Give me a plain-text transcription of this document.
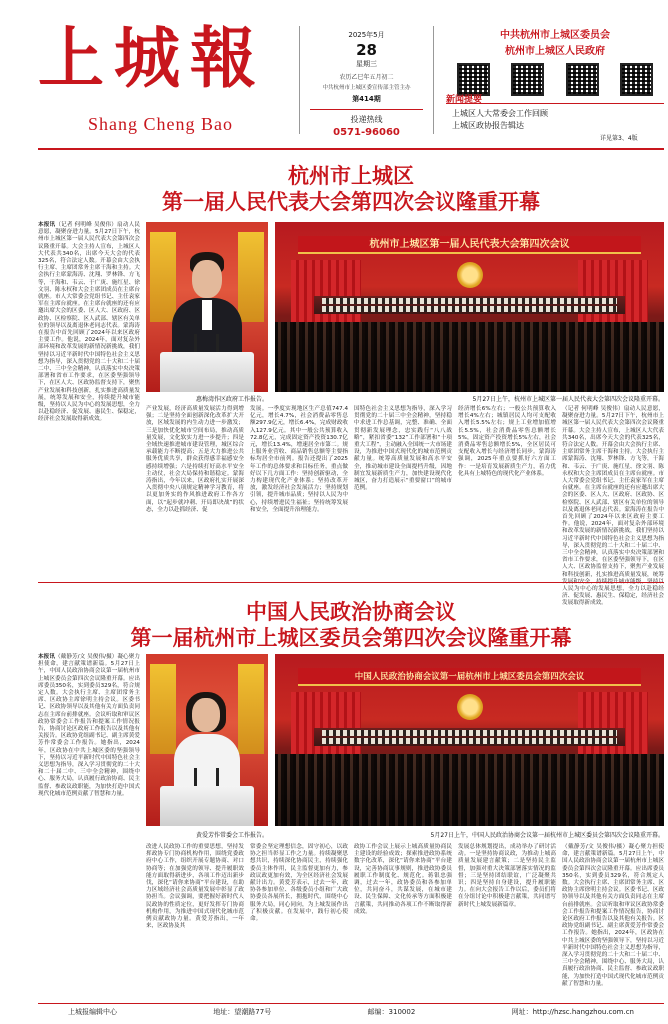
上城報
Shang Cheng Bao
2025年5月
28
星期三
农历乙巳年五月初二
中共杭州市上城区委宣传部主管主办
第414期
投递热线
0571-96060
中共杭州市上城区委员会
杭州市上城区人民政府
新闻提要
上城区人大常委会工作回顾
上城区政协报告辑达
详见第3、4版
杭州市上城区
第一届人民代表大会第四次会议隆重开幕
本报讯（记者 何明峰 吴俊伟）扇动人民意愿，凝聚奋进力量。5月27日下午，杭州市上城区第一届人民代表大会第四次会议隆重开幕。大会主持人宣布，上城区人大代表共340名，出席今天大会的代表325名，符合法定人数。开幕会由大会执行主席、主席团常务主席干海和主持。大会执行主席蒙海涛、沈翔、罗林锋、方飞等，干海和、韦云、于广庚、施红星、徐文羽、陈永权和大会主席团成员在主席台就座。市人大常委会党组书记、主任袁家军在主席台就座。在主席台就座的还有应邀出席大会的区委、区人大、区政府、区政协、区检察院、区人武部、辖区有关单位的领导以及离退休老同志代表。蒙海涛在报告中首先回顾了2024年以来区政府主要工作。他说，2024年，面对复杂外部环境和改革发展的新情况新挑战，我们坚持以习近平新时代中国特色社会主义思想为指导，深入贯彻党的二十大和二十届二中、三中全会精神，认真落实中央决策部署和省市工作要求，在区委坚强领导下，在区人大、区政协监督支持下，聚焦产业发展和科技创新，扎实推进高质量发展，统筹发展和安全，持续提升城市能级，坚持以人民为中心的发展思想，全力以赴稳经济、促发展、惠民生、保稳定，经济社会发展取得新成效。
惠梅湾作区政府工作报告。
杭州市上城区第一届人民代表大会第四次会议
5月27日上午，杭州市上城区第一届人民代表大会第四次会议隆重开幕。
产业发展，经济高质量发展活力得到增强；二是坚持全面创新深化改革扩大开放，区域发展的内生动力进一步激发；三是加快优化城市空间布局，推动高质量发展，文化软实力进一步提升；四是全域快速推进城市建设管理，城区综合承载能力不断提高；五是大力推进公共服务优质共享，群众获得感幸福感安全感持续增强；六是持续打好高水平安全主动仗，社会大局保持和谐稳定。蒙海涛指出，今年以来，区政府扎实开展深入贯彻中央八项规定精神学习教育，将以更加务实的作风推进政府工作各方面，以“起步就冲刺、开局即决战”的状态，全力以赴抓经济、促
发展。一季度实现地区生产总值747.4亿元，增长4.7%，社会消费品零售总额297.9亿元，增长6.4%，完成财政收入127.9亿元。其中一般公共预算收入72.8亿元，完成固定资产投资130.7亿元，增长13.4%，增速居全市第二。规上服务业营收、商品销售总额等主要指标均居全市前列。报告还提出了2025年工作的总体要求和目标任务，重点做好以下几方面工作：坚持创新驱动，全力构建现代化产业体系；坚持改革开放，激发经济社会发展活力；坚持规划引领，提升城市品质；坚持以人民为中心，持续增进民生福祉；坚持统筹发展和安全，全面提升治理能力。
国特色社会主义思想为指导，深入学习贯彻党的二十届三中全会精神，坚持稳中求进工作总基调，完整、准确、全面贯彻新发展理念，忠实践行“八八战略”，紧扣省委“132”工作部署和“十项重大工程”，主动融入全国统一大市场建设，为推进中国式现代化的城市范例贡献力量。统筹高质量发展和高水平安全，推动城市建设全面提档升级，因地制宜发展新质生产力，加快建设现代化城区，奋力打造展示“重要窗口”的城市范例。
经济增长6%左右；一般公共预算收入增长4%左右；城镇居民人均可支配收入增长5.5%左右；规上工业增加值增长5.5%，社会消费品零售总额增长5%，固定资产投资增长5%左右，社会消费品零售总额增长5%，全区居民可支配收入增长与经济增长同步。蒙海涛强调，2025年重点要抓好六方面工作：一是培育发展新质生产力，着力优化具有上城特色的现代化产业体系。
（记者 何明峰 吴俊伟）扇动人民意愿，凝聚奋进力量。5月27日下午，杭州市上城区第一届人民代表大会第四次会议隆重开幕。大会主持人宣布，上城区人大代表共340名，出席今天大会的代表325名，符合法定人数。开幕会由大会执行主席、主席团常务主席干海和主持。大会执行主席蒙海涛、沈翔、罗林锋、方飞等，干海和、韦云、于广庚、施红星、徐文羽、陈永权和大会主席团成员在主席台就座。市人大常委会党组书记、主任袁家军在主席台就座。在主席台就座的还有应邀出席大会的区委、区人大、区政府、区政协、区检察院、区人武部、辖区有关单位的领导以及离退休老同志代表。蒙海涛在报告中首先回顾了2024年以来区政府主要工作。他说，2024年，面对复杂外部环境和改革发展的新情况新挑战，我们坚持以习近平新时代中国特色社会主义思想为指导，深入贯彻党的二十大和二十届二中、三中全会精神，认真落实中央决策部署和省市工作要求，在区委坚强领导下，在区人大、区政协监督支持下，聚焦产业发展和科技创新，扎实推进高质量发展，统筹 人民为中心的发展思想，全力以赴稳经济、促发展、惠民生、保稳定，经济社会发展取得新成效。
中国人民政治协商会议
第一届杭州市上城区委员会第四次会议隆重开幕
本报讯（戴静芳/文 吴俊伟/摄）凝心聚力担使命，建言献策谱新篇。5月27日上午，中国人民政治协商会议第一届杭州市上城区委员会第四次会议隆重开幕。应出席委员350名，实到委员329名，符合规定人数。大会执行主席、主席团常务主席、区政协主席徐明主持会议。区委书记、区政协领导以及其他有关方面负责同志在主席台前排就座。会议听取和审议区政协常委会工作报告和提案工作情况报告，协商讨论区政府工作报告以及其他有关报告。区政协党组副书记、副主席黄爱芳作常委会工作报告。她指出，2024年，区政协在中共上城区委的坚强领导下，坚持以习近平新时代中国特色社会主义思想为指导，深入学习贯彻党的二十大和二十届二中、三中全会精神，围绕中心、服务大局，认真履行政治协商、民主监督、参政议政职能，为加快打造中国式现代化城市范例贡献了智慧和力量。
黄爱芳作常委会工作报告。
中国人民政治协商会议第一届杭州市上城区委员会第四次会议
5月27日上午，中国人民政治协商会议第一届杭州市上城区委员会第四次会议隆重开幕。
改进人民政协工作的重要思想，坚持发挥政协专门协商机构作用，围绕党委政府中心工作，组织开展专题协商、对口协商等；在加强党的领导、提升履职效能方面取得新进步，各项工作迈出新步伐，深化“请你来协商”平台建设，在助力区域经济社会高质量发展中彰显了政协担当。会议强调，要把握好新时代人民政协的性质定位，更好发挥专门协商机构作用，为推进中国式现代化城市范例贡献政协力量。黄爱芳指出，一年来，区政协及其
常委会坚定理想信念，固守初心，以政协之担当彰显工作之力量。持续凝聚思想共识，持续深化协商民主，持续强化委员主体作用，民主监督更加有力，参政议政更加有效，为全区经济社会发展献计出力。黄爱芳表示，过去一年，政协各参加单位、各级委员小组和广大政协委员各展所长，拥抱时代，围绕中心服务大局，同心同向，为上城发展作出了积极贡献。在发展中，践行初心使命。
政协工作会议上展示上城高质量协商民主建设的经验成效；探索推进政协系统数字化改革，深化“请你来协商”平台建设，完善协商议事规则，推进政协委员履职工作制度化、规范化。蒋银忠强调，过去一年，政协委员和各参加单位，共同奋斗，共谋发展，在城市建设、民生保障、文化传承等方面积极建言献策，共同推动各项工作不断取得新成效。
发展总体规划提出，成功举办了研讨活动。一是坚持协商议政，为推动上城高质量发展建言献策；二是坚持民主监督，加强对重大决策部署落实情况的监督；三是坚持团结联谊，广泛凝聚共识；四是坚持自身建设，提升履职能力。在向大会报告工作以后，委员们将在分组讨论中积极建言献策，共同谱写新时代上城发展新篇章。
（戴静芳/文 吴俊伟/摄）凝心聚力担使命，建言献策谱新篇。5月27日上午，中国人民政治协商会议第一届杭州市上城区委员会第四次会议隆重开幕。应出席委员350名，实到委员329名，符合规定人数。大会执行主席、主席团常务主席、区政协主席徐明主持会议。区委书记、区政协领导以及其他有关方面负责同志在主席台前排就座。会议听取和审议区政协常委会工作报告和提案工作情况报告，协商讨论区政府工作报告以及其他有关报告。区政协党组副书记、副主席黄爱芳作常委会工作报告。她指出，2024年，区政协在中共上城区委的坚强领导下，坚持以习近平新时代中国特色社会主义思想为指导，深入学习贯彻党的二十大和二十届二中、三中全会精神，围绕中心、服务大局，认真履行政治协商、民主监督、参政议政职能，为加快打造中国式现代化城市范例贡献了智慧和力量。
上城报编辑中心	地址：望潮路77号	邮编：310002	网址：http://hzsc.hangzhou.com.cn
